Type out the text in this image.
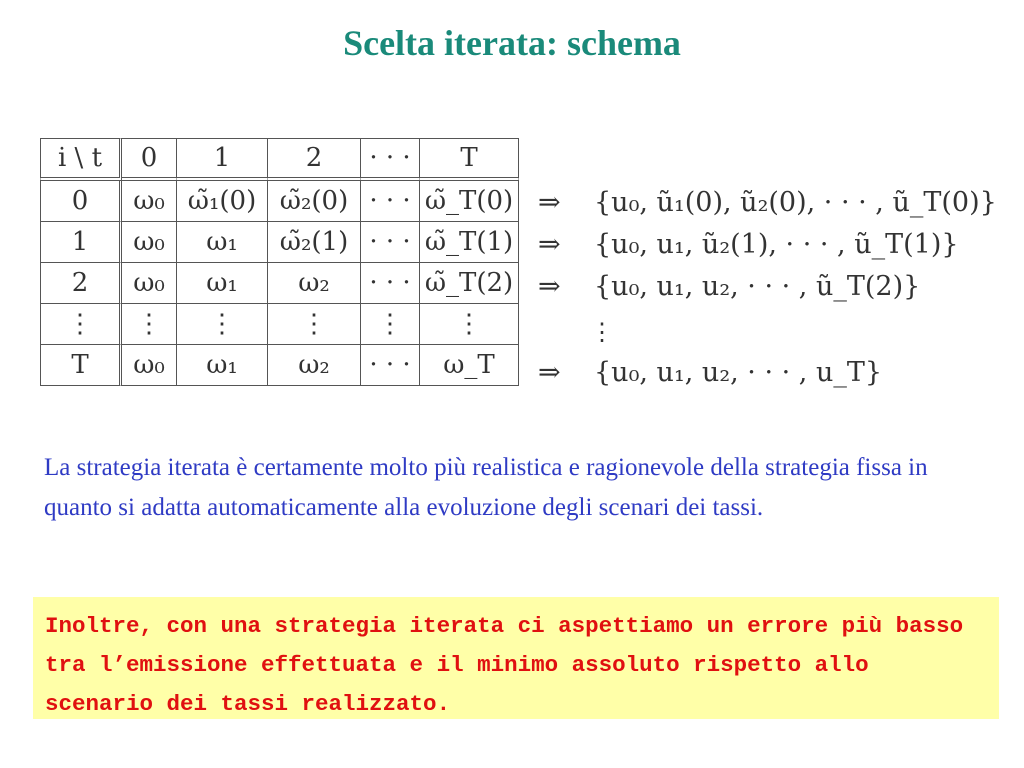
Scelta iterata: schema
i \ t	0	1	2	· · ·	T
0	ω₀	ω̃₁(0)	ω̃₂(0)	· · ·	ω̃_T(0)
1	ω₀	ω₁	ω̃₂(1)	· · ·	ω̃_T(1)
2	ω₀	ω₁	ω₂	· · ·	ω̃_T(2)
⋮	⋮	⋮	⋮	⋮	⋮
T	ω₀	ω₁	ω₂	· · ·	ω_T
⇒ {u₀, ũ₁(0), ũ₂(0), · · · , ũ_T(0)}
⇒ {u₀, u₁, ũ₂(1), · · · , ũ_T(1)}
⇒ {u₀, u₁, u₂, · · · , ũ_T(2)}
⋮
⇒ {u₀, u₁, u₂, · · · , u_T}
La strategia iterata è certamente molto più realistica e ragionevole della strategia fissa in quanto si adatta automaticamente alla evoluzione degli scenari dei tassi.

Inoltre, con una strategia iterata ci aspettiamo un errore più basso tra l’emissione effettuata e il minimo assoluto rispetto allo scenario dei tassi realizzato.
